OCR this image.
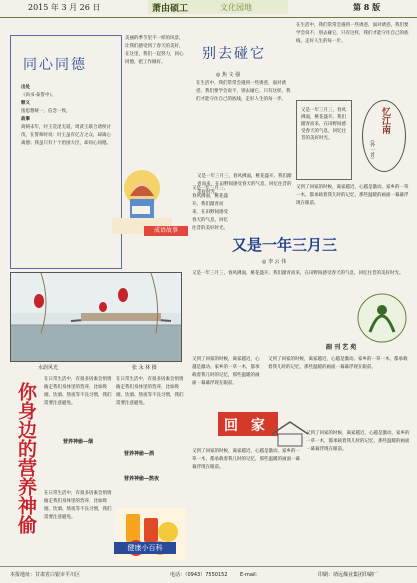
2015 年 3 月 26 日	萧由硕工	文化园地	第 8 版
同心同德
出处
《尚书·泰誓中》。
释义
指思想统一，信念一致。
故事
商朝末年，纣王荒淫无道，周武王联合诸侯讨伐，在誓师时说：纣王虽有亿万之众，却离心离德；我虽只有十个治国大臣，却同心同德。
美丽的季节里不一样的风景，让我们感受到了春天的美好，在这里，我们一起努力，同心同德，把工作做好。
成语故事
别去碰它
◎ 焦 文 强
在生活中，我们常常会遇到一些诱惑，面对诱惑，我们要学会说不，别去碰它。只有这样，我们才能守住自己的底线，走好人生的每一步。
在生活中，我们常常会遇到一些诱惑，面对诱惑，我们要学会说不，别去碰它。只有这样，我们才能守住自己的底线，走好人生的每一步。
又是一年三月三，春风拂面，桃花盛开。我们踏青而来，在田野间感受春天的气息，回忆往昔的美好时光。
忆江南
（外一首）
又到了回家的时候，离家越近，心越是激动。家乡的一草一木，都承载着我儿时的记忆，那些温暖的画面一幕幕浮现在眼前。
又是一年三月三，春风拂面，桃花盛开。我们踏青而来，在田野间感受春天的气息，回忆往昔的美好时光。
又是一年三月三，春风拂面，桃花盛开。我们踏青而来，在田野间感受春天的气息，回忆往昔的美好时光。
又是一年三月三
◎ 李 云 伟
又是一年三月三，春风拂面，桃花盛开。我们踏青而来，在田野间感受春天的气息，回忆往昔的美好时光。
副 刊 艺 苑
水韵风光	张 永 林 摄
你身边的营养神偷
在日常生活中，有很多因素会悄悄偷走我们身体里的营养，比如吸烟、饮酒、熬夜等不良习惯，我们需要注意避免。
营养神偷—烟
在日常生活中，有很多因素会悄悄偷走我们身体里的营养，比如吸烟、饮酒、熬夜等不良习惯，我们需要注意避免。
在日常生活中，有很多因素会悄悄偷走我们身体里的营养，比如吸烟、饮酒、熬夜等不良习惯，我们需要注意避免。
营养神偷—酒
营养神偷—熬夜
健康小百科
又到了回家的时候，离家越近，心越是激动。家乡的一草一木，都承载着我儿时的记忆，那些温暖的画面一幕幕浮现在眼前。
又到了回家的时候，离家越近，心越是激动。家乡的一草一木，都承载着我儿时的记忆，那些温暖的画面一幕幕浮现在眼前。
回 家
又到了回家的时候，离家越近，心越是激动。家乡的一草一木，都承载着我儿时的记忆，那些温暖的画面一幕幕浮现在眼前。
又到了回家的时候，离家越近，心越是激动。家乡的一草一木，都承载着我儿时的记忆，那些温暖的画面一幕幕浮现在眼前。
本报地址：甘肃省白银市平川区	电话：（0943）7550152	E-mail：	印刷：靖远煤业集团印刷厂
